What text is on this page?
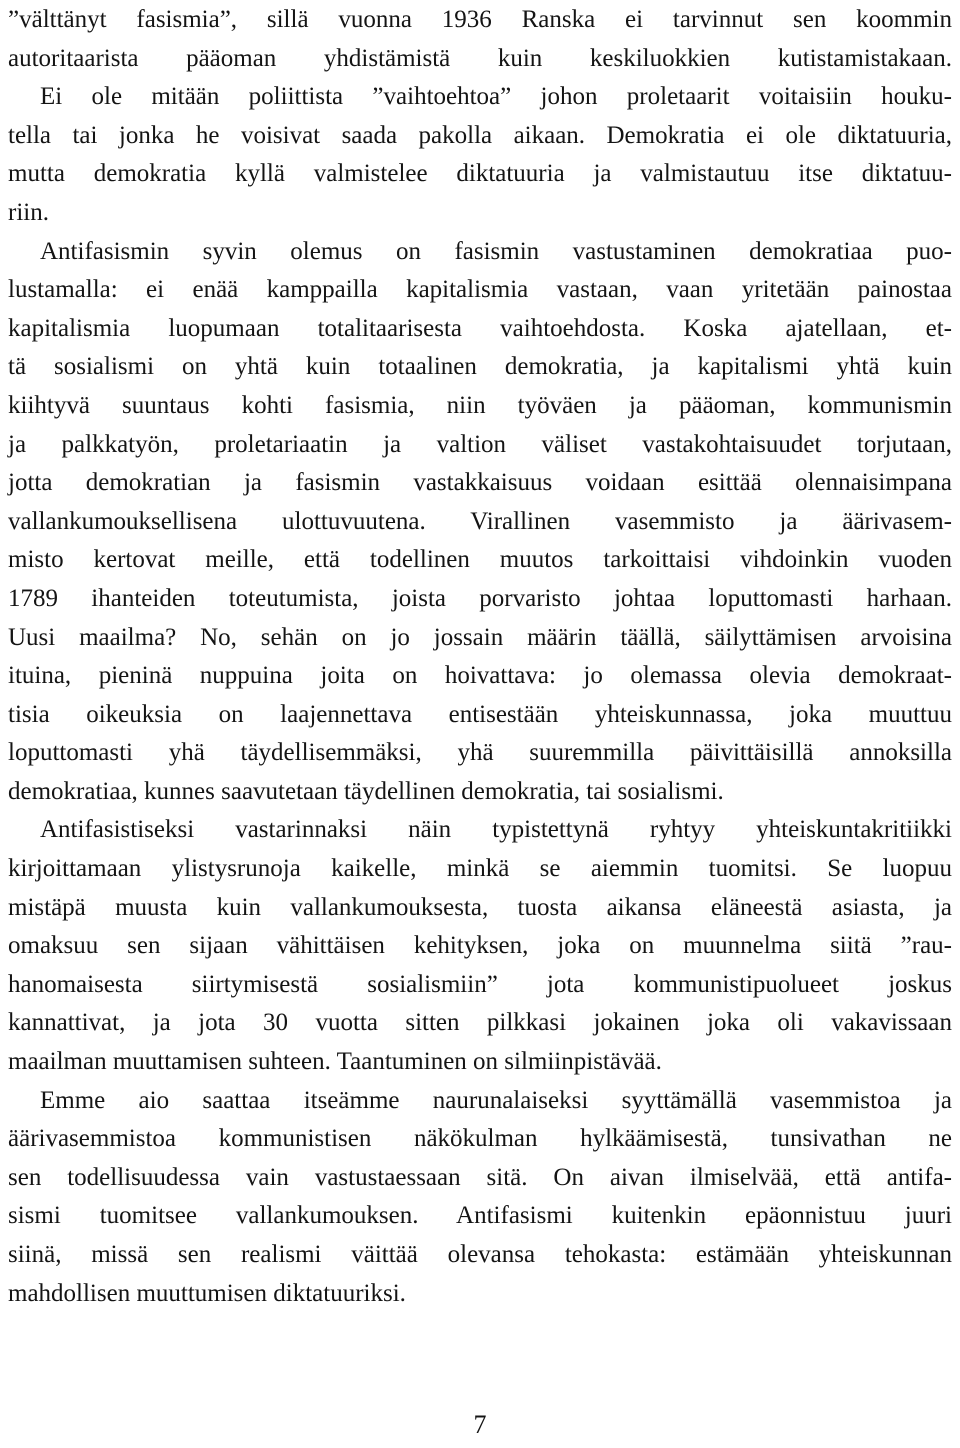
”välttänyt fasismia”, sillä vuonna 1936 Ranska ei tarvinnut sen koommin
autoritaarista pääoman yhdistämistä kuin keskiluokkien kutistamistakaan.
Ei ole mitään poliittista ”vaihtoehtoa” johon proletaarit voitaisiin houku-
tella tai jonka he voisivat saada pakolla aikaan. Demokratia ei ole diktatuuria,
mutta demokratia kyllä valmistelee diktatuuria ja valmistautuu itse diktatuu-
riin.
Antifasismin syvin olemus on fasismin vastustaminen demokratiaa puo-
lustamalla: ei enää kamppailla kapitalismia vastaan, vaan yritetään painostaa
kapitalismia luopumaan totalitaarisesta vaihtoehdosta. Koska ajatellaan, et-
tä sosialismi on yhtä kuin totaalinen demokratia, ja kapitalismi yhtä kuin
kiihtyvä suuntaus kohti fasismia, niin työväen ja pääoman, kommunismin
ja palkkatyön, proletariaatin ja valtion väliset vastakohtaisuudet torjutaan,
jotta demokratian ja fasismin vastakkaisuus voidaan esittää olennaisimpana
vallankumouksellisena ulottuvuutena. Virallinen vasemmisto ja äärivasem-
misto kertovat meille, että todellinen muutos tarkoittaisi vihdoinkin vuoden
1789 ihanteiden toteutumista, joista porvaristo johtaa loputtomasti harhaan.
Uusi maailma? No, sehän on jo jossain määrin täällä, säilyttämisen arvoisina
ituina, pieninä nuppuina joita on hoivattava: jo olemassa olevia demokraat-
tisia oikeuksia on laajennettava entisestään yhteiskunnassa, joka muuttuu
loputtomasti yhä täydellisemmäksi, yhä suuremmilla päivittäisillä annoksilla
demokratiaa, kunnes saavutetaan täydellinen demokratia, tai sosialismi.
Antifasistiseksi vastarinnaksi näin typistettynä ryhtyy yhteiskuntakritiikki
kirjoittamaan ylistysrunoja kaikelle, minkä se aiemmin tuomitsi. Se luopuu
mistäpä muusta kuin vallankumouksesta, tuosta aikansa eläneestä asiasta, ja
omaksuu sen sijaan vähittäisen kehityksen, joka on muunnelma siitä ”rau-
hanomaisesta siirtymisestä sosialismiin” jota kommunistipuolueet joskus
kannattivat, ja jota 30 vuotta sitten pilkkasi jokainen joka oli vakavissaan
maailman muuttamisen suhteen. Taantuminen on silmiinpistävää.
Emme aio saattaa itseämme naurunalaiseksi syyttämällä vasemmistoa ja
äärivasemmistoa kommunistisen näkökulman hylkäämisestä, tunsivathan ne
sen todellisuudessa vain vastustaessaan sitä. On aivan ilmiselvää, että antifa-
sismi tuomitsee vallankumouksen. Antifasismi kuitenkin epäonnistuu juuri
siinä, missä sen realismi väittää olevansa tehokasta: estämään yhteiskunnan
mahdollisen muuttumisen diktatuuriksi.
7
